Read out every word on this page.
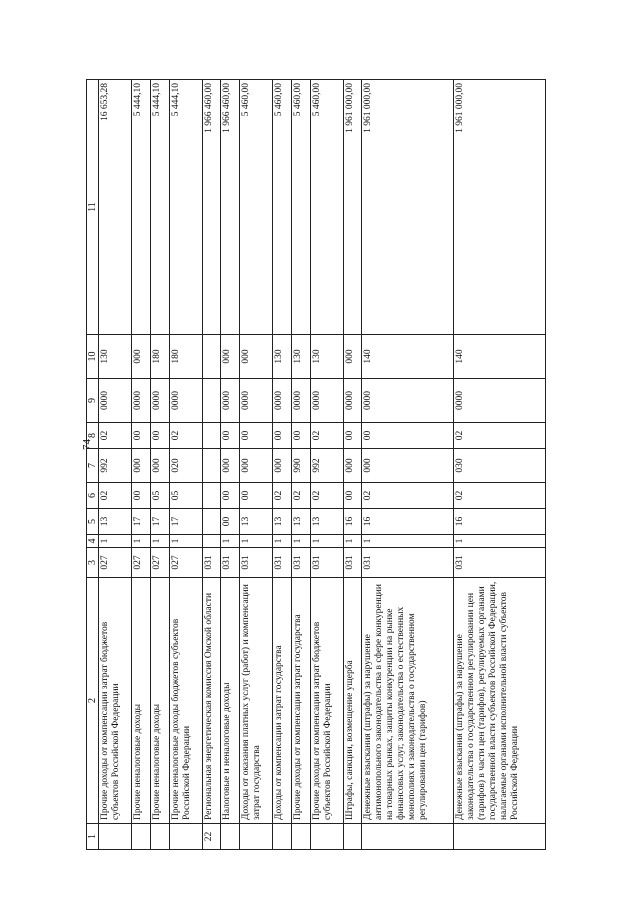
74
1	2	3	4	5	6	7	8	9	10	11
	Прочие доходы от компенсации затрат бюджетов субъектов Российской Федерации	027	1	13	02	992	02	0000	130	16 653,28
	Прочие неналоговые доходы	027	1	17	00	000	00	0000	000	5 444,10
	Прочие неналоговые доходы	027	1	17	05	000	00	0000	180	5 444,10
	Прочие неналоговые доходы бюджетов субъектов Российской Федерации	027	1	17	05	020	02	0000	180	5 444,10
22	Региональная энергетическая комиссия Омской области	031								1 966 460,00
	Налоговые и неналоговые доходы	031	1	00	00	000	00	0000	000	1 966 460,00
	Доходы от оказания платных услуг (работ) и компенсации затрат государства	031	1	13	00	000	00	0000	000	5 460,00
	Доходы от компенсации затрат государства	031	1	13	02	000	00	0000	130	5 460,00
	Прочие доходы от компенсации затрат государства	031	1	13	02	990	00	0000	130	5 460,00
	Прочие доходы от компенсации затрат бюджетов субъектов Российской Федерации	031	1	13	02	992	02	0000	130	5 460,00
	Штрафы, санкции, возмещение ущерба	031	1	16	00	000	00	0000	000	1 961 000,00
	Денежные взыскания (штрафы) за нарушение антимонопольного законодательства в сфере конкуренции на товарных рынках, защиты конкуренции на рынке финансовых услуг, законодательства о естественных монополиях и законодательства о государственном регулировании цен (тарифов)	031	1	16	02	000	00	0000	140	1 961 000,00
	Денежные взыскания (штрафы) за нарушение законодательства о государственном регулировании цен (тарифов) в части цен (тарифов), регулируемых органами государственной власти субъектов Российской Федерации, налагаемые органами исполнительной власти субъектов Российской Федерации	031	1	16	02	030	02	0000	140	1 961 000,00
